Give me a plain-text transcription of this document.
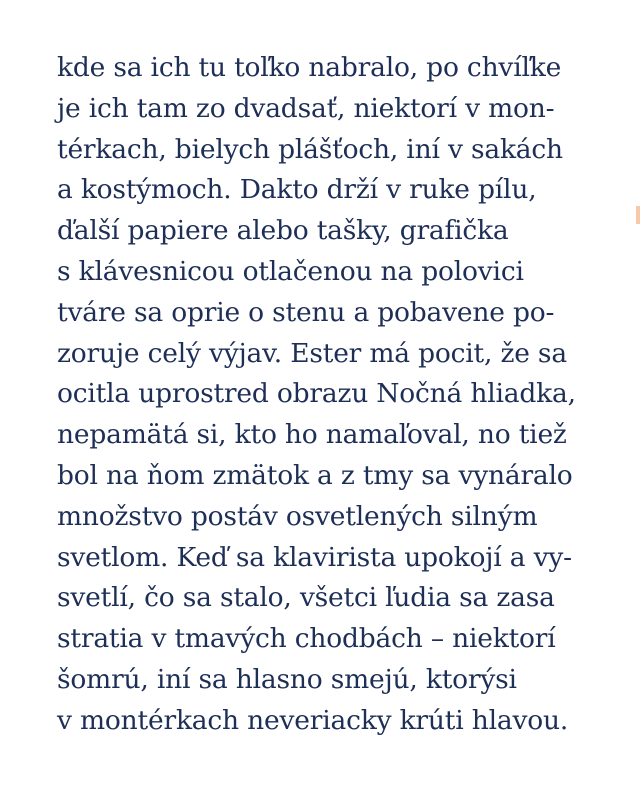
kde sa ich tu toľko nabralo, po chvíľke
je ich tam zo dvadsať, niektorí v mon-
térkach, bielych plášťoch, iní v sakách
a kostýmoch. Dakto drží v ruke pílu,
ďalší papiere alebo tašky, grafička
s klávesnicou otlačenou na polovici
tváre sa oprie o stenu a pobavene po-
zoruje celý výjav. Ester má pocit, že sa
ocitla uprostred obrazu Nočná hliadka,
nepamätá si, kto ho namaľoval, no tiež
bol na ňom zmätok a z tmy sa vynáralo
množstvo postáv osvetlených silným
svetlom. Keď sa klavirista upokojí a vy-
svetlí, čo sa stalo, všetci ľudia sa zasa
stratia v tmavých chodbách – niektorí
šomrú, iní sa hlasno smejú, ktorýsi
v montérkach neveriacky krúti hlavou.
